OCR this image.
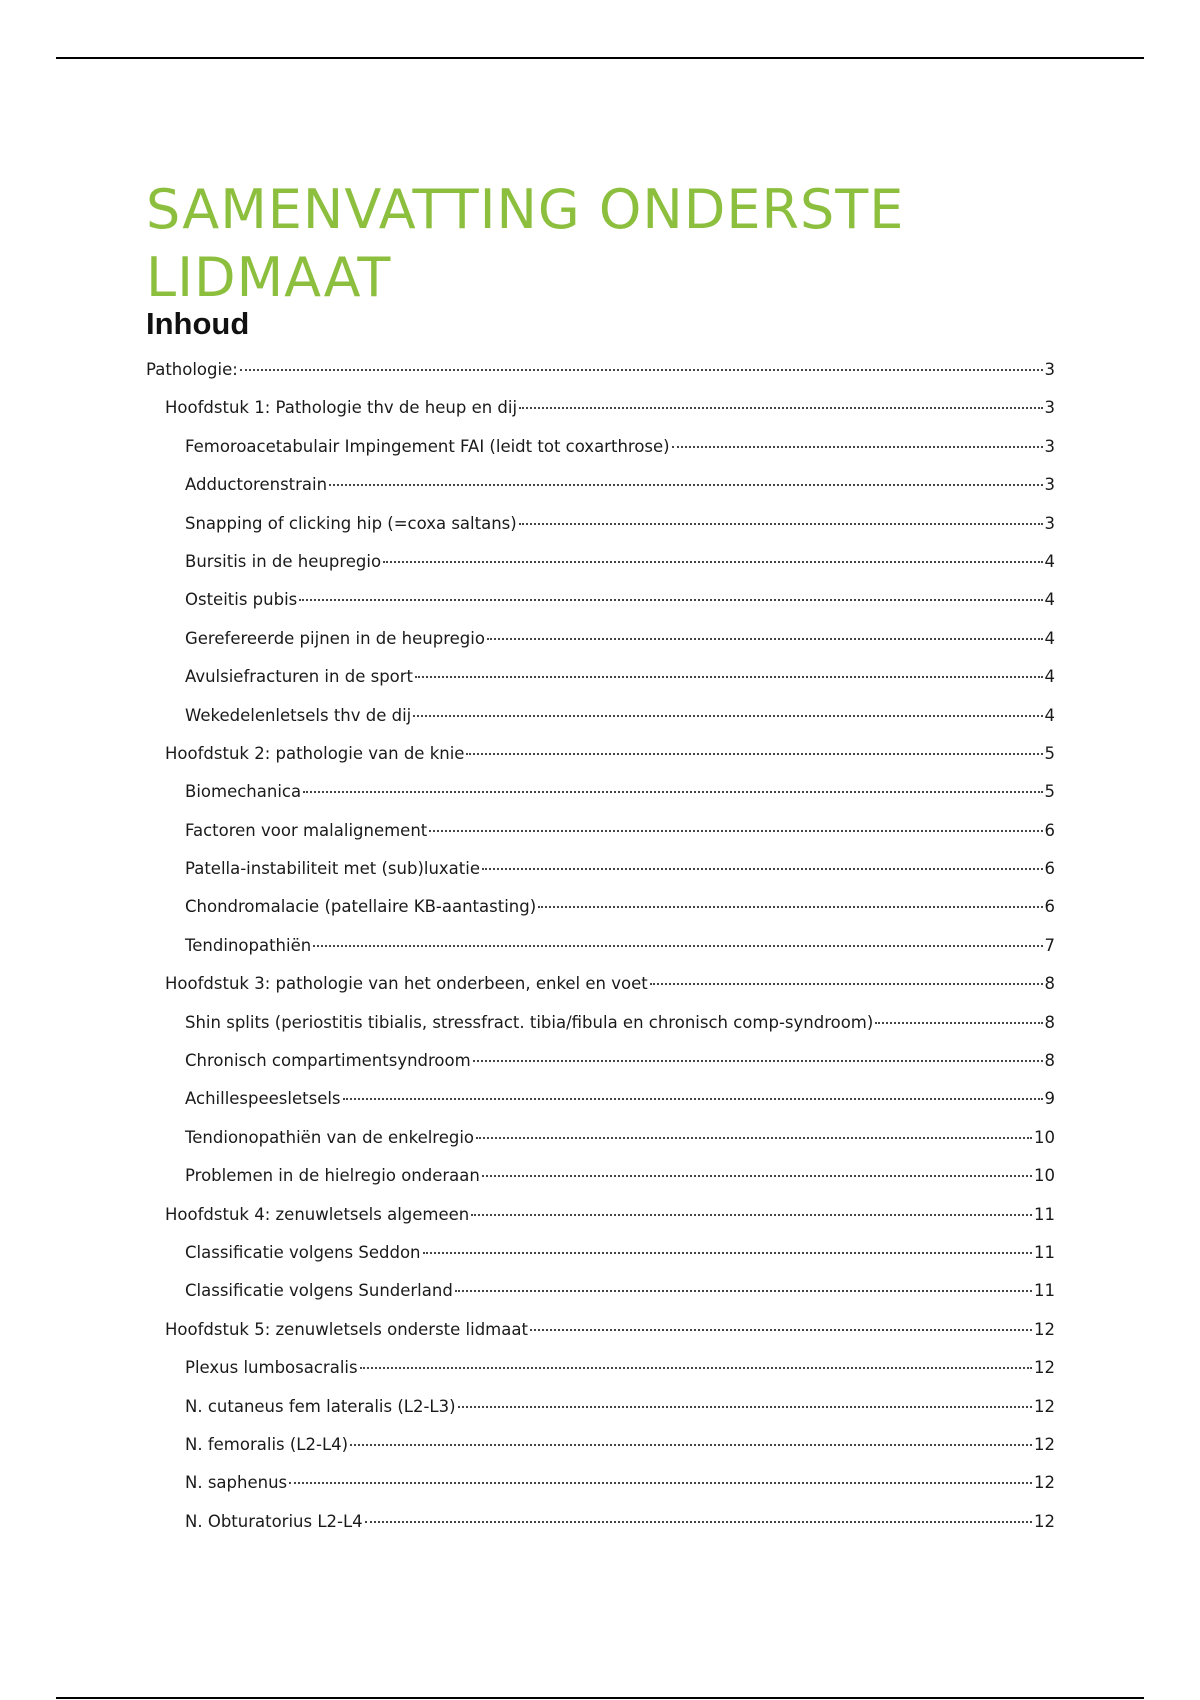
SAMENVATTING ONDERSTE LIDMAAT
Inhoud
Pathologie:	3
Hoofdstuk 1: Pathologie thv de heup en dij	3
Femoroacetabulair Impingement FAI (leidt tot coxarthrose)	3
Adductorenstrain	3
Snapping of clicking hip (=coxa saltans)	3
Bursitis in de heupregio	4
Osteitis pubis	4
Gerefereerde pijnen in de heupregio	4
Avulsiefracturen in de sport	4
Wekedelenletsels thv de dij	4
Hoofdstuk 2: pathologie van de knie	5
Biomechanica	5
Factoren voor malalignement	6
Patella-instabiliteit met (sub)luxatie	6
Chondromalacie (patellaire KB-aantasting)	6
Tendinopathiën	7
Hoofdstuk 3: pathologie van het onderbeen, enkel en voet	8
Shin splits (periostitis tibialis, stressfract. tibia/fibula en chronisch comp-syndroom)	8
Chronisch compartimentsyndroom	8
Achillespeesletsels	9
Tendionopathiën van de enkelregio	10
Problemen in de hielregio onderaan	10
Hoofdstuk 4: zenuwletsels algemeen	11
Classificatie volgens Seddon	11
Classificatie volgens Sunderland	11
Hoofdstuk 5: zenuwletsels onderste lidmaat	12
Plexus lumbosacralis	12
N. cutaneus fem lateralis (L2-L3)	12
N. femoralis (L2-L4)	12
N. saphenus	12
N. Obturatorius L2-L4	12
